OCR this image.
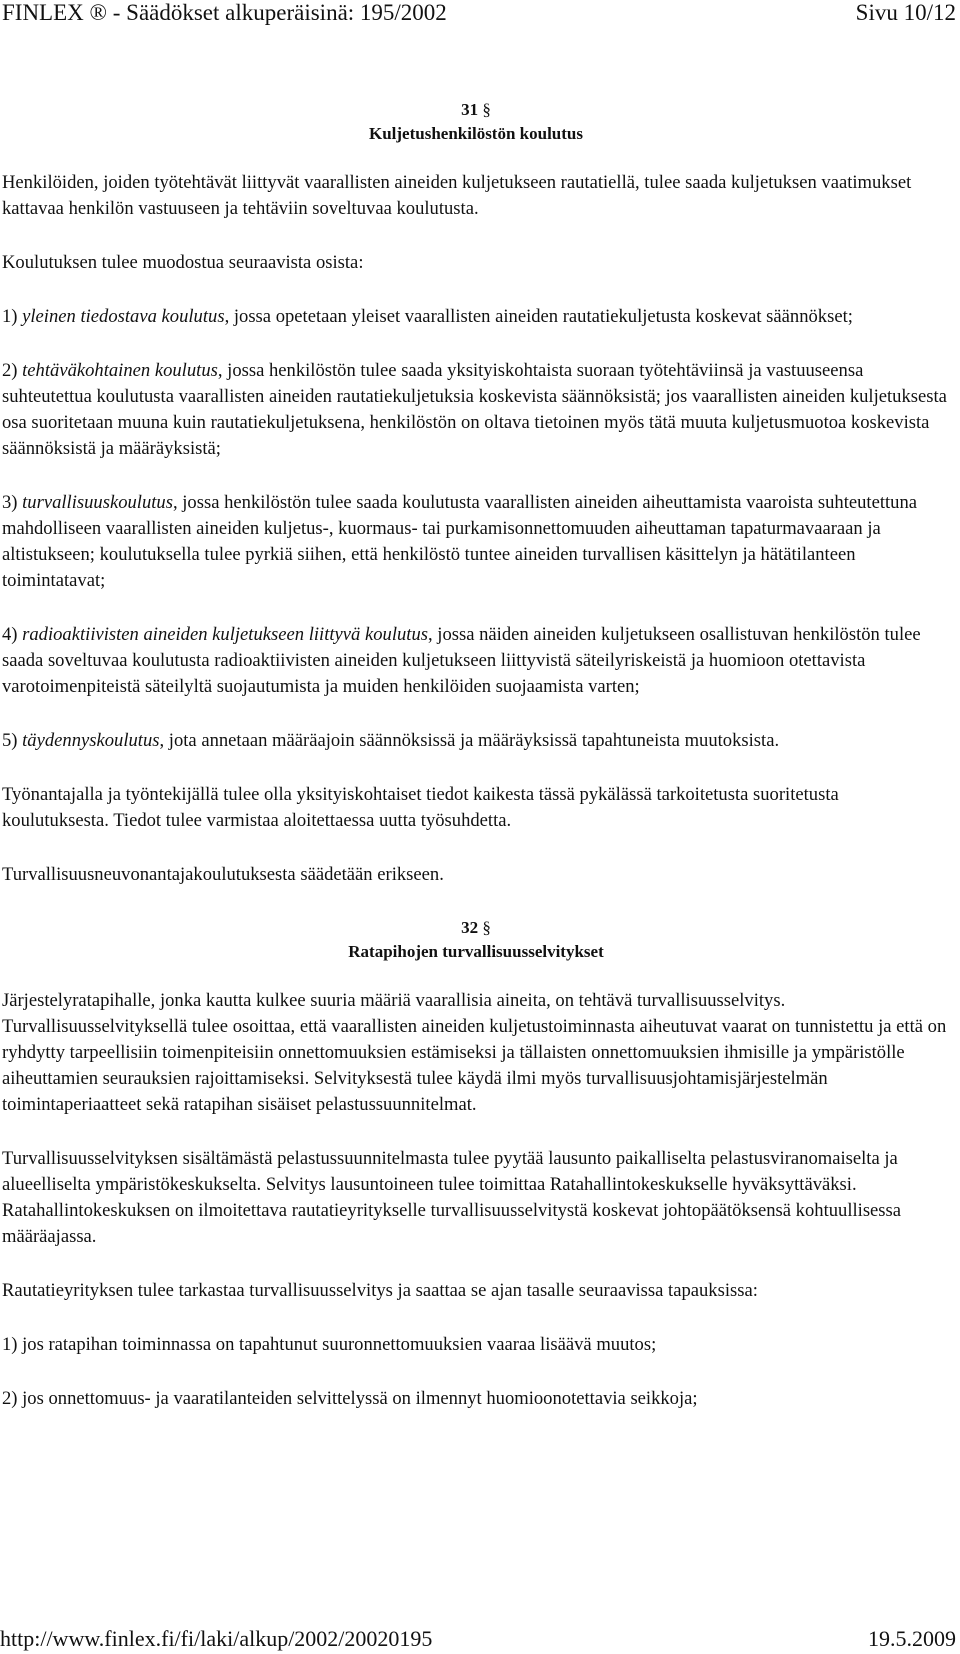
FINLEX ® - Säädökset alkuperäisinä: 195/2002	Sivu 10/12
31 §
Kuljetushenkilöstön koulutus

Henkilöiden, joiden työtehtävät liittyvät vaarallisten aineiden kuljetukseen rautatiellä, tulee saada kuljetuksen vaatimukset kattavaa henkilön vastuuseen ja tehtäviin soveltuvaa koulutusta.

Koulutuksen tulee muodostua seuraavista osista:

1) yleinen tiedostava koulutus, jossa opetetaan yleiset vaarallisten aineiden rautatiekuljetusta koskevat säännökset;

2) tehtäväkohtainen koulutus, jossa henkilöstön tulee saada yksityiskohtaista suoraan työtehtäviinsä ja vastuuseensa suhteutettua koulutusta vaarallisten aineiden rautatiekuljetuksia koskevista säännöksistä; jos vaarallisten aineiden kuljetuksesta osa suoritetaan muuna kuin rautatiekuljetuksena, henkilöstön on oltava tietoinen myös tätä muuta kuljetusmuotoa koskevista säännöksistä ja määräyksistä;

3) turvallisuuskoulutus, jossa henkilöstön tulee saada koulutusta vaarallisten aineiden aiheuttamista vaaroista suhteutettuna mahdolliseen vaarallisten aineiden kuljetus-, kuormaus- tai purkamisonnettomuuden aiheuttaman tapaturmavaaraan ja altistukseen; koulutuksella tulee pyrkiä siihen, että henkilöstö tuntee aineiden turvallisen käsittelyn ja hätätilanteen toimintatavat;

4) radioaktiivisten aineiden kuljetukseen liittyvä koulutus, jossa näiden aineiden kuljetukseen osallistuvan henkilöstön tulee saada soveltuvaa koulutusta radioaktiivisten aineiden kuljetukseen liittyvistä säteilyriskeistä ja huomioon otettavista varotoimenpiteistä säteilyltä suojautumista ja muiden henkilöiden suojaamista varten;

5) täydennyskoulutus, jota annetaan määräajoin säännöksissä ja määräyksissä tapahtuneista muutoksista.

Työnantajalla ja työntekijällä tulee olla yksityiskohtaiset tiedot kaikesta tässä pykälässä tarkoitetusta suoritetusta koulutuksesta. Tiedot tulee varmistaa aloitettaessa uutta työsuhdetta.

Turvallisuusneuvonantajakoulutuksesta säädetään erikseen.

32 §
Ratapihojen turvallisuusselvitykset

Järjestelyratapihalle, jonka kautta kulkee suuria määriä vaarallisia aineita, on tehtävä turvallisuusselvitys. Turvallisuusselvityksellä tulee osoittaa, että vaarallisten aineiden kuljetustoiminnasta aiheutuvat vaarat on tunnistettu ja että on ryhdytty tarpeellisiin toimenpiteisiin onnettomuuksien estämiseksi ja tällaisten onnettomuuksien ihmisille ja ympäristölle aiheuttamien seurauksien rajoittamiseksi. Selvityksestä tulee käydä ilmi myös turvallisuusjohtamisjärjestelmän toimintaperiaatteet sekä ratapihan sisäiset pelastussuunnitelmat.

Turvallisuusselvityksen sisältämästä pelastussuunnitelmasta tulee pyytää lausunto paikalliselta pelastusviranomaiselta ja alueelliselta ympäristökeskukselta. Selvitys lausuntoineen tulee toimittaa Ratahallintokeskukselle hyväksyttäväksi. Ratahallintokeskuksen on ilmoitettava rautatieyritykselle turvallisuusselvitystä koskevat johtopäätöksensä kohtuullisessa määräajassa.

Rautatieyrityksen tulee tarkastaa turvallisuusselvitys ja saattaa se ajan tasalle seuraavissa tapauksissa:

1) jos ratapihan toiminnassa on tapahtunut suuronnettomuuksien vaaraa lisäävä muutos;

2) jos onnettomuus- ja vaaratilanteiden selvittelyssä on ilmennyt huomioonotettavia seikkoja;

http://www.finlex.fi/fi/laki/alkup/2002/20020195	19.5.2009
